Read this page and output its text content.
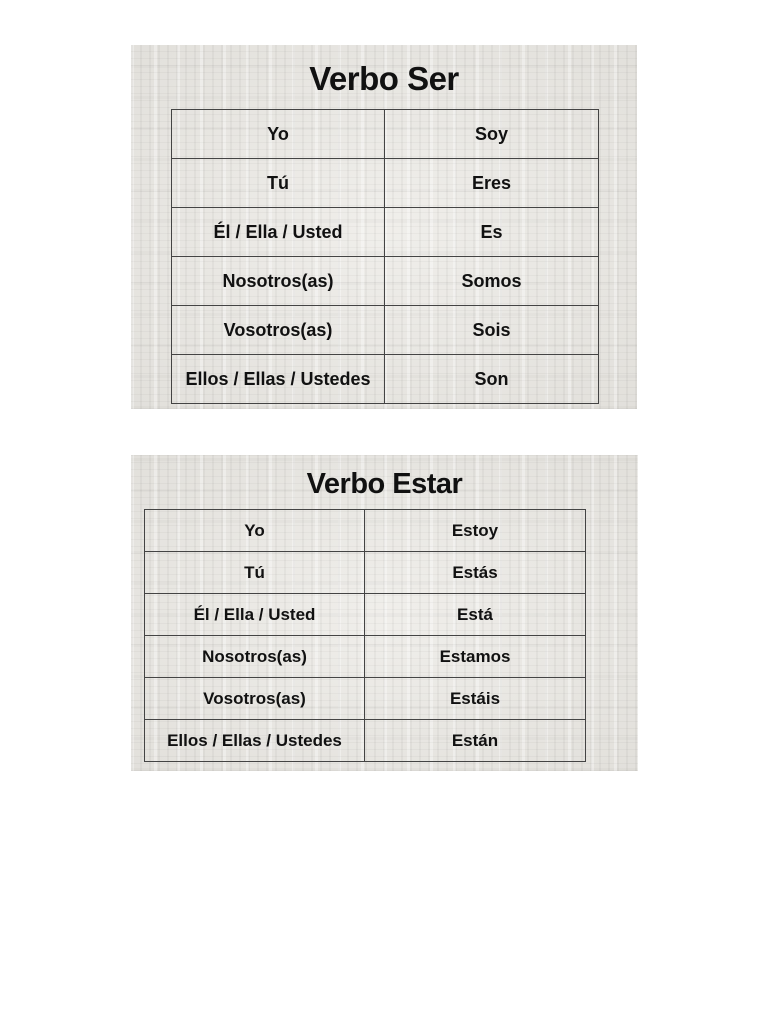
Verbo Ser
Yo	Soy
Tú	Eres
Él / Ella / Usted	Es
Nosotros(as)	Somos
Vosotros(as)	Sois
Ellos / Ellas / Ustedes	Son
Verbo Estar
Yo	Estoy
Tú	Estás
Él / Ella / Usted	Está
Nosotros(as)	Estamos
Vosotros(as)	Estáis
Ellos / Ellas / Ustedes	Están
